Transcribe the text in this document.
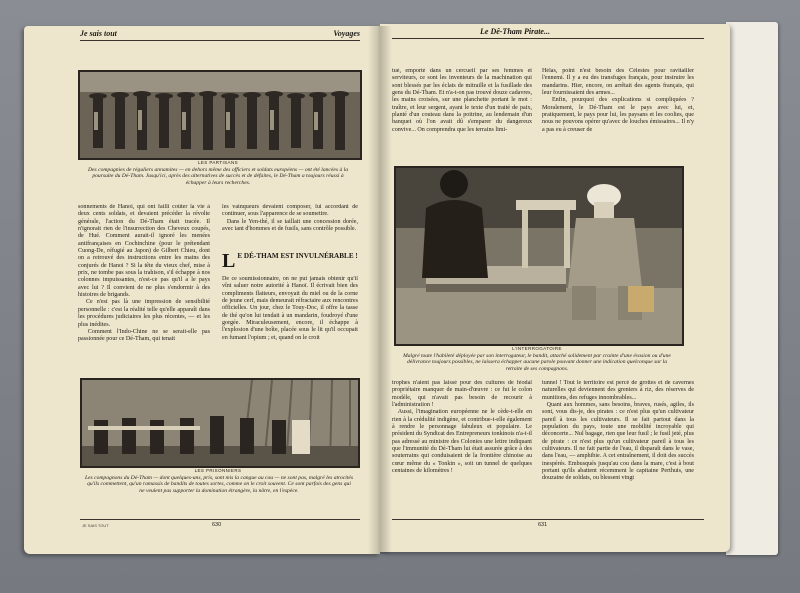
Je sais tout	Voyages
LES PARTISANS
Des compagnies de réguliers annamites — en dehors même des officiers et soldats européens — ont été lancées à la poursuite du Dé-Tham. Jusqu'ici, après des alternatives de succès et de défaites, le Dé-Tham a toujours réussi à échapper à leurs recherches.
sonnements de Hanoi, qui ont failli coûter la vie à deux cents soldats, et devaient précéder la révolte générale, l'action du Dé-Tham était tracée. Il n'ignorait rien de l'insurrection des Cheveux coupés, de Hué. Comment aurait-il ignoré les menées antifrançaises en Cochinchine (pour le prétendant Cuong-De, réfugié au Japon) de Gilbert Chieu, dont on a retrouvé des instructions entre les mains des conjurés de Hanoi ? Si la tête du vieux chef, mise à prix, ne tombe pas sous la trahison, s'il échappe à nos colonnes impuissantes, n'est-ce pas qu'il a le pays avec lui ? Il convient de ne plus s'endormir à des histoires de brigands.
Ce n'est pas là une impression de sensibilité personnelle : c'est la réalité telle qu'elle apparaît dans les procédures judiciaires les plus récentes, — et les plus inédites.
Comment l'Indo-Chine ne se serait-elle pas passionnée pour ce Dé-Tham, qui tenait
les vainqueurs devaient composer, lui accordant de continuer, sous l'apparence de se soumettre.
Dans le Yen-thé, il se taillait une concession dorée, avec tant d'hommes et de fusils, sans contrôle possible.
L E DÉ-THAM EST INVULNÉRABLE !
De ce soumissionnaire, on ne put jamais obtenir qu'il vînt saluer notre autorité à Hanoï. Il écrivait bien des compliments flatteurs, envoyait du miel ou de la corne de jeune cerf, mais demeurait réfractaire aux rencontres officielles. Un jour, chez le Touy-Doc, il offre la tasse de thé qu'on lui tendait à un mandarin, foudroyé d'une gorgée. Miraculeusement, encore, il échappe à l'explosion d'une boîte, placée sous le lit qu'il occupait en fumant l'opium ; et, quand on le croit
LES PRISONNIERS
Les compagnons du Dé-Tham — dont quelques-uns, pris, sont mis la cangue au cou — ne sont pas, malgré les atrocités qu'ils commettent, qu'un ramassis de bandits de toutes sortes, comme on le croit souvent. Ce sont parfois des gens qui ne veulent pas supporter la domination étrangère, la nôtre, en l'espèce.
JE SAIS TOUT	630
Le Dê-Tham Pirate...
tué, emporté dans un cercueil par ses femmes et serviteurs, ce sont les inventeurs de la machination qui sont blessés par les éclats de mitraille et la fusillade des gens du Dé-Tham. Et n'a-t-on pas trouvé douze cadavres, les mains croisées, sur une planchette portant le mot : traître, et leur sergent, ayant le texte d'un traité de paix, planté d'un couteau dans la poitrine, au lendemain d'un banquet où l'on avait dû s'emparer du dangereux convive... On comprendra que les terrains limi-
Hélas, point n'est besoin des Célestes pour ravitailler l'ennemi. Il y a eu des transfuges français, pour instruire les mandarins. Hier, encore, on arrêtait des agents français, qui leur fournissaient des armes...
Enfin, pourquoi des explications si compliquées ? Moralement, le Dé-Tham est le pays avec lui, et, pratiquement, le pays pour lui, les paysans et les coolies, que nous ne pouvons opérer qu'avec de louches émissaires... Il n'y a pas eu à creuser de
L'INTERROGATOIRE
Malgré toute l'habileté déployée par son interrogateur, le bandit, attaché solidement par crainte d'une évasion ou d'une délivrance toujours possibles, ne laissera échapper aucune parole pouvant donner une indication quelconque sur la retraite de ses compagnons.
trophes n'aient pas laissé pour des cultures de féodal propriétaire manquer de main-d'œuvre : ce fut le colon modèle, qui n'avait pas besoin de recourir à l'administration !
Aussi, l'imagination européenne ne le cède-t-elle en rien à la crédulité indigène, et contribue-t-elle également à rendre le personnage fabuleux et populaire. Le président du Syndicat des Entrepreneurs tonkinois n'a-t-il pas adressé au ministre des Colonies une lettre indiquant que l'immunité du Dé-Tham lui était assurée grâce à des souterrains qui conduisaient de la frontière chinoise au cœur même du « Tonkin », soit un tunnel de quelques centaines de kilomètres !
tunnel ! Tout le territoire est percé de grottes et de cavernes naturelles qui deviennent des greniers à riz, des réserves de munitions, des refuges innombrables...
Quant aux hommes, sans besoins, braves, rusés, agiles, ils sont, vous dis-je, des pirates : ce n'est plus qu'un cultivateur pareil à tous les cultivateurs. Il se fait partout dans la population du pays, toute une mobilité incroyable qui déconcerte... Nul bagage, rien que leur fusil ; le fusil jeté, plus de pirate : ce n'est plus qu'un cultivateur pareil à tous les cultivateurs. Il ne fait partie de l'eau, il disparaît dans le vase, dans l'eau, — amphibie. A cet entraînement, il doit des succès inespérés. Embusqués jusqu'au cou dans la mare, c'est à bout portant qu'ils abattent récemment le capitaine Perthuis, une douzaine de soldats, ou blessent vingt
631
